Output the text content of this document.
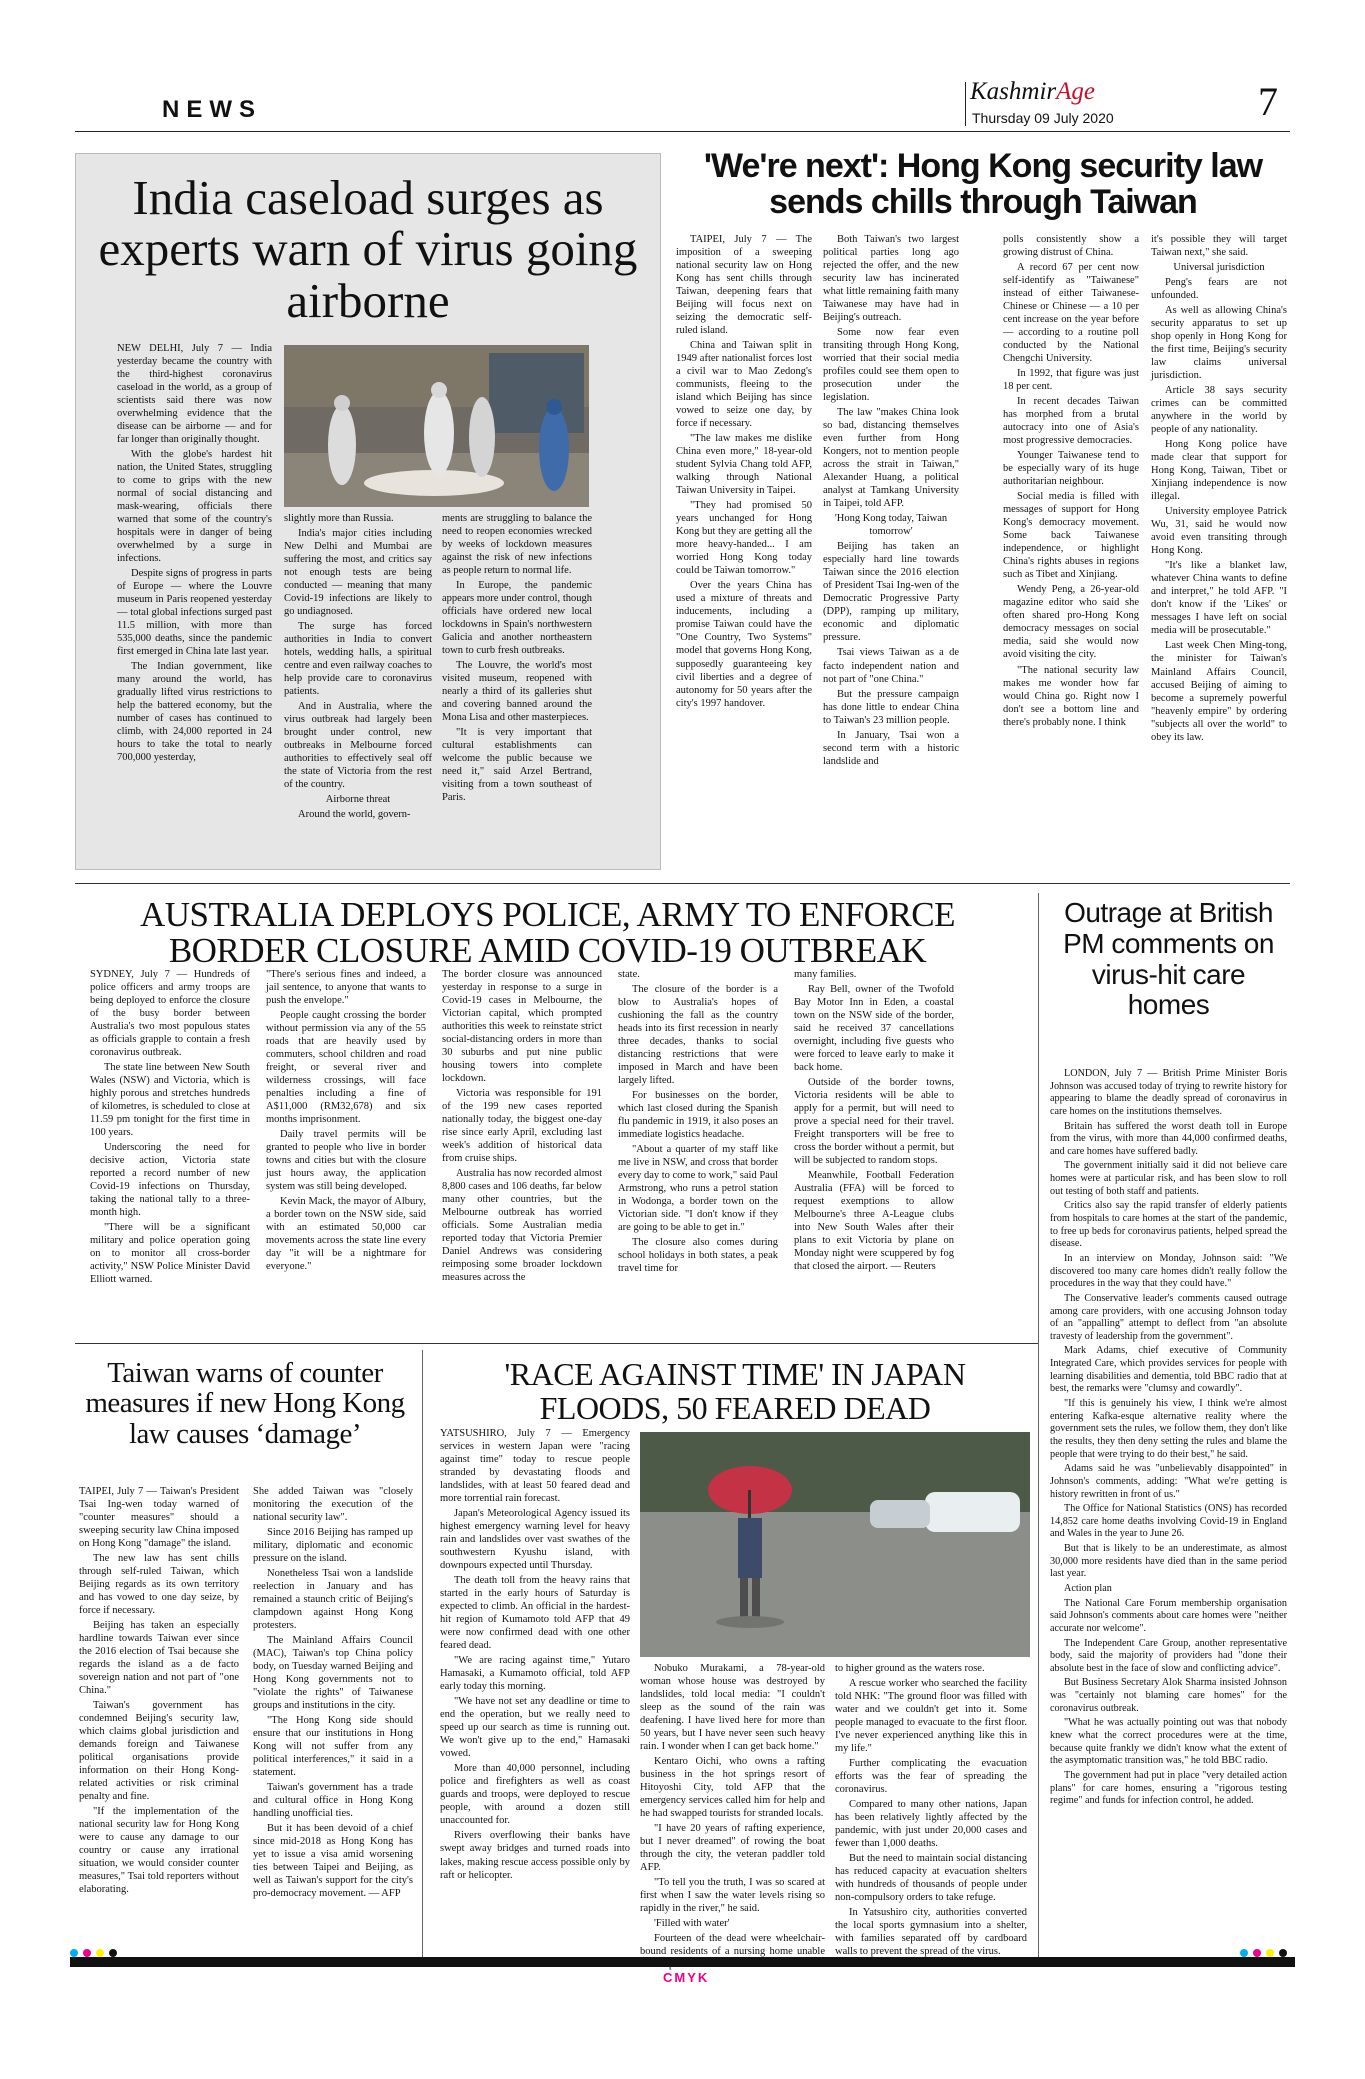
NEWS
KashmirAge
Thursday 09 July 2020	7
India caseload surges as experts warn of virus going airborne

NEW DELHI, July 7 — India yesterday became the country with the third-highest coronavirus caseload in the world, as a group of scientists said there was now overwhelming evidence that the disease can be airborne — and for far longer than originally thought.

With the globe's hardest hit nation, the United States, struggling to come to grips with the new normal of social distancing and mask-wearing, officials there warned that some of the country's hospitals were in danger of being overwhelmed by a surge in infections.

Despite signs of progress in parts of Europe — where the Louvre museum in Paris reopened yesterday — total global infections surged past 11.5 million, with more than 535,000 deaths, since the pandemic first emerged in China late last year.

The Indian government, like many around the world, has gradually lifted virus restrictions to help the battered economy, but the number of cases has continued to climb, with 24,000 reported in 24 hours to take the total to nearly 700,000 yesterday,

slightly more than Russia.

India's major cities including New Delhi and Mumbai are suffering the most, and critics say not enough tests are being conducted — meaning that many Covid-19 infections are likely to go undiagnosed.

The surge has forced authorities in India to convert hotels, wedding halls, a spiritual centre and even railway coaches to help provide care to coronavirus patients.

And in Australia, where the virus outbreak had largely been brought under control, new outbreaks in Melbourne forced authorities to effectively seal off the state of Victoria from the rest of the country.

Airborne threat

Around the world, govern-

ments are struggling to balance the need to reopen economies wrecked by weeks of lockdown measures against the risk of new infections as people return to normal life.

In Europe, the pandemic appears more under control, though officials have ordered new local lockdowns in Spain's northwestern Galicia and another northeastern town to curb fresh outbreaks.

The Louvre, the world's most visited museum, reopened with nearly a third of its galleries shut and covering banned around the Mona Lisa and other masterpieces.

"It is very important that cultural establishments can welcome the public because we need it," said Arzel Bertrand, visiting from a town southeast of Paris.

'We're next': Hong Kong security law sends chills through Taiwan

TAIPEI, July 7 — The imposition of a sweeping national security law on Hong Kong has sent chills through Taiwan, deepening fears that Beijing will focus next on seizing the democratic self-ruled island.

China and Taiwan split in 1949 after nationalist forces lost a civil war to Mao Zedong's communists, fleeing to the island which Beijing has since vowed to seize one day, by force if necessary.

"The law makes me dislike China even more," 18-year-old student Sylvia Chang told AFP, walking through National Taiwan University in Taipei.

"They had promised 50 years unchanged for Hong Kong but they are getting all the more heavy-handed... I am worried Hong Kong today could be Taiwan tomorrow."

Over the years China has used a mixture of threats and inducements, including a promise Taiwan could have the "One Country, Two Systems" model that governs Hong Kong, supposedly guaranteeing key civil liberties and a degree of autonomy for 50 years after the city's 1997 handover.

Both Taiwan's two largest political parties long ago rejected the offer, and the new security law has incinerated what little remaining faith many Taiwanese may have had in Beijing's outreach.

Some now fear even transiting through Hong Kong, worried that their social media profiles could see them open to prosecution under the legislation.

The law "makes China look so bad, distancing themselves even further from Hong Kongers, not to mention people across the strait in Taiwan," Alexander Huang, a political analyst at Tamkang University in Taipei, told AFP.

'Hong Kong today, Taiwan tomorrow'

Beijing has taken an especially hard line towards Taiwan since the 2016 election of President Tsai Ing-wen of the Democratic Progressive Party (DPP), ramping up military, economic and diplomatic pressure.

Tsai views Taiwan as a de facto independent nation and not part of "one China."

But the pressure campaign has done little to endear China to Taiwan's 23 million people.

In January, Tsai won a second term with a historic landslide and

polls consistently show a growing distrust of China.

A record 67 per cent now self-identify as "Taiwanese" instead of either Taiwanese-Chinese or Chinese — a 10 per cent increase on the year before — according to a routine poll conducted by the National Chengchi University.

In 1992, that figure was just 18 per cent.

In recent decades Taiwan has morphed from a brutal autocracy into one of Asia's most progressive democracies.

Younger Taiwanese tend to be especially wary of its huge authoritarian neighbour.

Social media is filled with messages of support for Hong Kong's democracy movement. Some back Taiwanese independence, or highlight China's rights abuses in regions such as Tibet and Xinjiang.

Wendy Peng, a 26-year-old magazine editor who said she often shared pro-Hong Kong democracy messages on social media, said she would now avoid visiting the city.

"The national security law makes me wonder how far would China go. Right now I don't see a bottom line and there's probably none. I think

it's possible they will target Taiwan next," she said.

Universal jurisdiction

Peng's fears are not unfounded.

As well as allowing China's security apparatus to set up shop openly in Hong Kong for the first time, Beijing's security law claims universal jurisdiction.

Article 38 says security crimes can be committed anywhere in the world by people of any nationality.

Hong Kong police have made clear that support for Hong Kong, Taiwan, Tibet or Xinjiang independence is now illegal.

University employee Patrick Wu, 31, said he would now avoid even transiting through Hong Kong.

"It's like a blanket law, whatever China wants to define and interpret," he told AFP. "I don't know if the 'Likes' or messages I have left on social media will be prosecutable."

Last week Chen Ming-tong, the minister for Taiwan's Mainland Affairs Council, accused Beijing of aiming to become a supremely powerful "heavenly empire" by ordering "subjects all over the world" to obey its law.

AUSTRALIA DEPLOYS POLICE, ARMY TO ENFORCE BORDER CLOSURE AMID COVID-19 OUTBREAK

SYDNEY, July 7 — Hundreds of police officers and army troops are being deployed to enforce the closure of the busy border between Australia's two most populous states as officials grapple to contain a fresh coronavirus outbreak.

The state line between New South Wales (NSW) and Victoria, which is highly porous and stretches hundreds of kilometres, is scheduled to close at 11.59 pm tonight for the first time in 100 years.

Underscoring the need for decisive action, Victoria state reported a record number of new Covid-19 infections on Thursday, taking the national tally to a three-month high.

"There will be a significant military and police operation going on to monitor all cross-border activity," NSW Police Minister David Elliott warned.

"There's serious fines and indeed, a jail sentence, to anyone that wants to push the envelope."

People caught crossing the border without permission via any of the 55 roads that are heavily used by commuters, school children and road freight, or several river and wilderness crossings, will face penalties including a fine of A$11,000 (RM32,678) and six months imprisonment.

Daily travel permits will be granted to people who live in border towns and cities but with the closure just hours away, the application system was still being developed.

Kevin Mack, the mayor of Albury, a border town on the NSW side, said with an estimated 50,000 car movements across the state line every day "it will be a nightmare for everyone."

The border closure was announced yesterday in response to a surge in Covid-19 cases in Melbourne, the Victorian capital, which prompted authorities this week to reinstate strict social-distancing orders in more than 30 suburbs and put nine public housing towers into complete lockdown.

Victoria was responsible for 191 of the 199 new cases reported nationally today, the biggest one-day rise since early April, excluding last week's addition of historical data from cruise ships.

Australia has now recorded almost 8,800 cases and 106 deaths, far below many other countries, but the Melbourne outbreak has worried officials. Some Australian media reported today that Victoria Premier Daniel Andrews was considering reimposing some broader lockdown measures across the

state.

The closure of the border is a blow to Australia's hopes of cushioning the fall as the country heads into its first recession in nearly three decades, thanks to social distancing restrictions that were imposed in March and have been largely lifted.

For businesses on the border, which last closed during the Spanish flu pandemic in 1919, it also poses an immediate logistics headache.

"About a quarter of my staff like me live in NSW, and cross that border every day to come to work," said Paul Armstrong, who runs a petrol station in Wodonga, a border town on the Victorian side. "I don't know if they are going to be able to get in."

The closure also comes during school holidays in both states, a peak travel time for

many families.

Ray Bell, owner of the Twofold Bay Motor Inn in Eden, a coastal town on the NSW side of the border, said he received 37 cancellations overnight, including five guests who were forced to leave early to make it back home.

Outside of the border towns, Victoria residents will be able to apply for a permit, but will need to prove a special need for their travel. Freight transporters will be free to cross the border without a permit, but will be subjected to random stops.

Meanwhile, Football Federation Australia (FFA) will be forced to request exemptions to allow Melbourne's three A-League clubs into New South Wales after their plans to exit Victoria by plane on Monday night were scuppered by fog that closed the airport. — Reuters

Outrage at British PM comments on virus-hit care homes

LONDON, July 7 — British Prime Minister Boris Johnson was accused today of trying to rewrite history for appearing to blame the deadly spread of coronavirus in care homes on the institutions themselves.

Britain has suffered the worst death toll in Europe from the virus, with more than 44,000 confirmed deaths, and care homes have suffered badly.

The government initially said it did not believe care homes were at particular risk, and has been slow to roll out testing of both staff and patients.

Critics also say the rapid transfer of elderly patients from hospitals to care homes at the start of the pandemic, to free up beds for coronavirus patients, helped spread the disease.

In an interview on Monday, Johnson said: "We discovered too many care homes didn't really follow the procedures in the way that they could have."

The Conservative leader's comments caused outrage among care providers, with one accusing Johnson today of an "appalling" attempt to deflect from "an absolute travesty of leadership from the government".

Mark Adams, chief executive of Community Integrated Care, which provides services for people with learning disabilities and dementia, told BBC radio that at best, the remarks were "clumsy and cowardly".

"If this is genuinely his view, I think we're almost entering Kafka-esque alternative reality where the government sets the rules, we follow them, they don't like the results, they then deny setting the rules and blame the people that were trying to do their best," he said.

Adams said he was "unbelievably disappointed" in Johnson's comments, adding: "What we're getting is history rewritten in front of us."

The Office for National Statistics (ONS) has recorded 14,852 care home deaths involving Covid-19 in England and Wales in the year to June 26.

But that is likely to be an underestimate, as almost 30,000 more residents have died than in the same period last year.

Action plan

The National Care Forum membership organisation said Johnson's comments about care homes were "neither accurate nor welcome".

The Independent Care Group, another representative body, said the majority of providers had "done their absolute best in the face of slow and conflicting advice".

But Business Secretary Alok Sharma insisted Johnson was "certainly not blaming care homes" for the coronavirus outbreak.

"What he was actually pointing out was that nobody knew what the correct procedures were at the time, because quite frankly we didn't know what the extent of the asymptomatic transition was," he told BBC radio.

The government had put in place "very detailed action plans" for care homes, ensuring a "rigorous testing regime" and funds for infection control, he added.

Taiwan warns of counter measures if new Hong Kong law causes ‘damage’

TAIPEI, July 7 — Taiwan's President Tsai Ing-wen today warned of "counter measures" should a sweeping security law China imposed on Hong Kong "damage" the island.

The new law has sent chills through self-ruled Taiwan, which Beijing regards as its own territory and has vowed to one day seize, by force if necessary.

Beijing has taken an especially hardline towards Taiwan ever since the 2016 election of Tsai because she regards the island as a de facto sovereign nation and not part of "one China."

Taiwan's government has condemned Beijing's security law, which claims global jurisdiction and demands foreign and Taiwanese political organisations provide information on their Hong Kong-related activities or risk criminal penalty and fine.

"If the implementation of the national security law for Hong Kong were to cause any damage to our country or cause any irrational situation, we would consider counter measures," Tsai told reporters without elaborating.

She added Taiwan was "closely monitoring the execution of the national security law".

Since 2016 Beijing has ramped up military, diplomatic and economic pressure on the island.

Nonetheless Tsai won a landslide reelection in January and has remained a staunch critic of Beijing's clampdown against Hong Kong protesters.

The Mainland Affairs Council (MAC), Taiwan's top China policy body, on Tuesday warned Beijing and Hong Kong governments not to "violate the rights" of Taiwanese groups and institutions in the city.

"The Hong Kong side should ensure that our institutions in Hong Kong will not suffer from any political interferences," it said in a statement.

Taiwan's government has a trade and cultural office in Hong Kong handling unofficial ties.

But it has been devoid of a chief since mid-2018 as Hong Kong has yet to issue a visa amid worsening ties between Taipei and Beijing, as well as Taiwan's support for the city's pro-democracy movement. — AFP

'RACE AGAINST TIME' IN JAPAN FLOODS, 50 FEARED DEAD

YATSUSHIRO, July 7 — Emergency services in western Japan were "racing against time" today to rescue people stranded by devastating floods and landslides, with at least 50 feared dead and more torrential rain forecast.

Japan's Meteorological Agency issued its highest emergency warning level for heavy rain and landslides over vast swathes of the southwestern Kyushu island, with downpours expected until Thursday.

The death toll from the heavy rains that started in the early hours of Saturday is expected to climb. An official in the hardest-hit region of Kumamoto told AFP that 49 were now confirmed dead with one other feared dead.

"We are racing against time," Yutaro Hamasaki, a Kumamoto official, told AFP early today this morning.

"We have not set any deadline or time to end the operation, but we really need to speed up our search as time is running out. We won't give up to the end," Hamasaki vowed.

More than 40,000 personnel, including police and firefighters as well as coast guards and troops, were deployed to rescue people, with around a dozen still unaccounted for.

Rivers overflowing their banks have swept away bridges and turned roads into lakes, making rescue access possible only by raft or helicopter.

Nobuko Murakami, a 78-year-old woman whose house was destroyed by landslides, told local media: "I couldn't sleep as the sound of the rain was deafening. I have lived here for more than 50 years, but I have never seen such heavy rain. I wonder when I can get back home."

Kentaro Oichi, who owns a rafting business in the hot springs resort of Hitoyoshi City, told AFP that the emergency services called him for help and he had swapped tourists for stranded locals.

"I have 20 years of rafting experience, but I never dreamed" of rowing the boat through the city, the veteran paddler told AFP.

"To tell you the truth, I was so scared at first when I saw the water levels rising so rapidly in the river," he said.

'Filled with water'

Fourteen of the dead were wheelchair-bound residents of a nursing home unable

to higher ground as the waters rose.

A rescue worker who searched the facility told NHK: "The ground floor was filled with water and we couldn't get into it. Some people managed to evacuate to the first floor. I've never experienced anything like this in my life."

Further complicating the evacuation efforts was the fear of spreading the coronavirus.

Compared to many other nations, Japan has been relatively lightly affected by the pandemic, with just under 20,000 cases and fewer than 1,000 deaths.

But the need to maintain social distancing has reduced capacity at evacuation shelters with hundreds of thousands of people under non-compulsory orders to take refuge.

In Yatsushiro city, authorities converted the local sports gymnasium into a shelter, with families separated off by cardboard walls to prevent the spread of the virus.

CMYK
